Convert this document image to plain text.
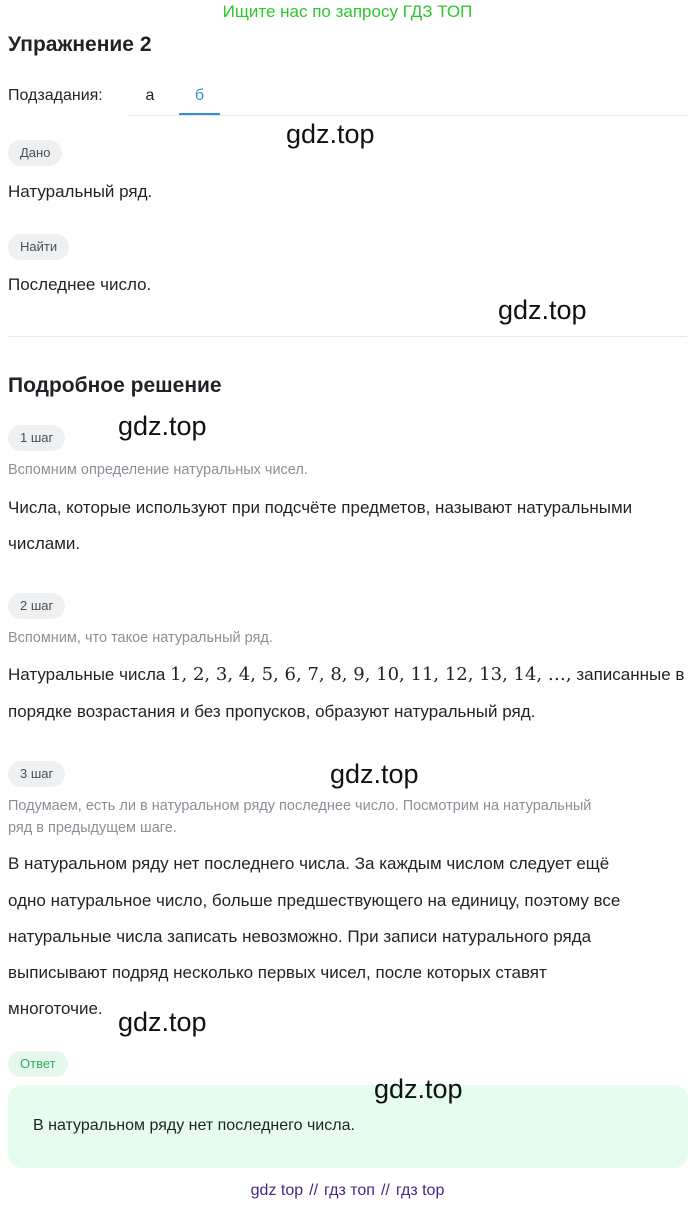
Ищите нас по запросу ГДЗ ТОП
Упражнение 2
Подзадания:	а	б
Дано
Натуральный ряд.
Найти
Последнее число.
Подробное решение
1 шаг
Вспомним определение натуральных чисел.
Числа, которые используют при подсчёте предметов, называют натуральными
числами.
2 шаг
Вспомним, что такое натуральный ряд.
Натуральные числа 1, 2, 3, 4, 5, 6, 7, 8, 9, 10, 11, 12, 13, 14, …, записанные в
порядке возрастания и без пропусков, образуют натуральный ряд.
3 шаг
Подумаем, есть ли в натуральном ряду последнее число. Посмотрим на натуральный
ряд в предыдущем шаге.
В натуральном ряду нет последнего числа. За каждым числом следует ещё
одно натуральное число, больше предшествующего на единицу, поэтому все
натуральные числа записать невозможно. При записи натурального ряда
выписывают подряд несколько первых чисел, после которых ставят
многоточие.
Ответ
В натуральном ряду нет последнего числа.
gdz.top
gdz.top
gdz.top
gdz.top
gdz.top
gdz.top
gdz top // гдз топ // гдз top
